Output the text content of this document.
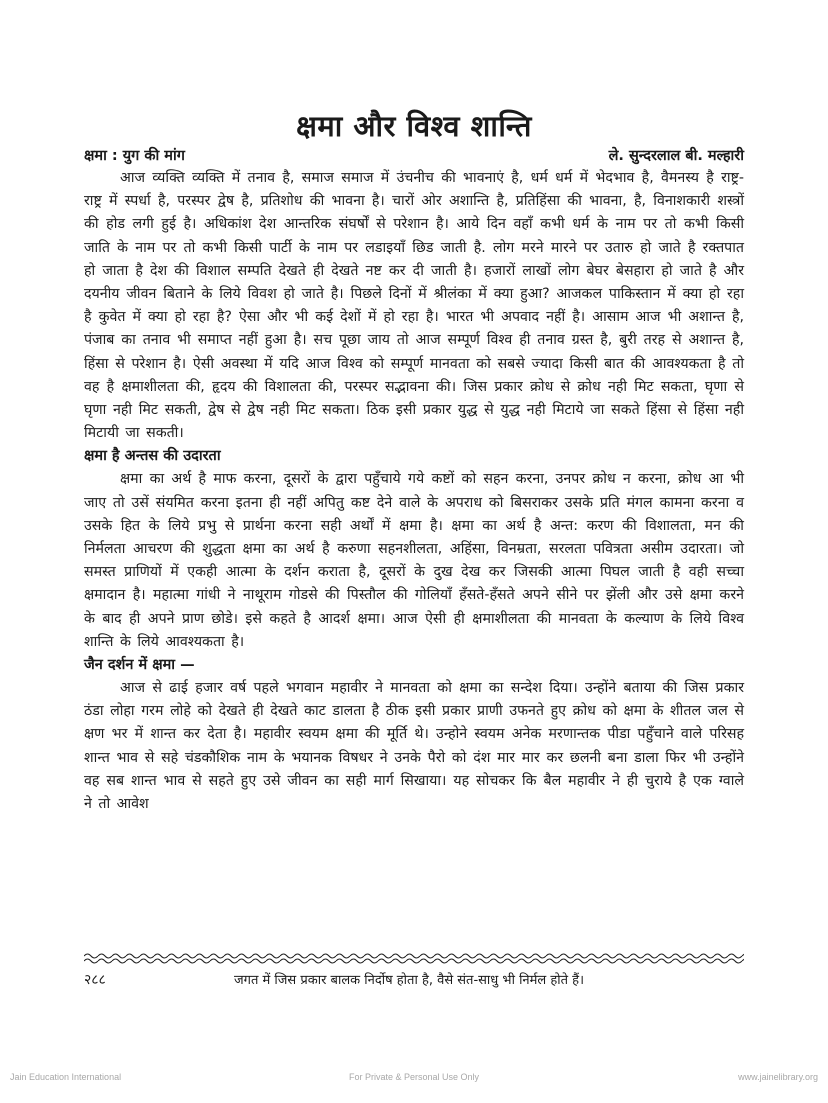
क्षमा और विश्व शान्ति
क्षमा : युग की मांग	ले. सुन्दरलाल बी. मल्हारी

आज व्यक्ति व्यक्ति में तनाव है, समाज समाज में उंचनीच की भावनाएं है, धर्म धर्म में भेदभाव है, वैमनस्य है राष्ट्र-राष्ट्र में स्पर्धा है, परस्पर द्वेष है, प्रतिशोध की भावना है। चारों ओर अशान्ति है, प्रतिहिंसा की भावना, है, विनाशकारी शस्त्रों की होड लगी हुई है। अधिकांश देश आन्तरिक संघर्षों से परेशान है। आये दिन वहाँ कभी धर्म के नाम पर तो कभी किसी जाति के नाम पर तो कभी किसी पार्टी के नाम पर लडाइयाँ छिड जाती है. लोग मरने मारने पर उतारु हो जाते है रक्तपात हो जाता है देश की विशाल सम्पति देखते ही देखते नष्ट कर दी जाती है। हजारों लाखों लोग बेघर बेसहारा हो जाते है और दयनीय जीवन बिताने के लिये विवश हो जाते है। पिछले दिनों में श्रीलंका में क्या हुआ? आजकल पाकिस्तान में क्या हो रहा है कुवेत में क्या हो रहा है? ऐसा और भी कई देशों में हो रहा है। भारत भी अपवाद नहीं है। आसाम आज भी अशान्त है, पंजाब का तनाव भी समाप्त नहीं हुआ है। सच पूछा जाय तो आज सम्पूर्ण विश्व ही तनाव ग्रस्त है, बुरी तरह से अशान्त है, हिंसा से परेशान है। ऐसी अवस्था में यदि आज विश्व को सम्पूर्ण मानवता को सबसे ज्यादा किसी बात की आवश्यकता है तो वह है क्षमाशीलता की, हृदय की विशालता की, परस्पर सद्भावना की। जिस प्रकार क्रोध से क्रोध नही मिट सकता, घृणा से घृणा नही मिट सकती, द्वेष से द्वेष नही मिट सकता। ठिक इसी प्रकार युद्ध से युद्ध नही मिटाये जा सकते हिंसा से हिंसा नही मिटायी जा सकती।

क्षमा है अन्तस की उदारता

क्षमा का अर्थ है माफ करना, दूसरों के द्वारा पहुँचाये गये कष्टों को सहन करना, उनपर क्रोध न करना, क्रोध आ भी जाए तो उसें संयमित करना इतना ही नहीं अपितु कष्ट देने वाले के अपराध को बिसराकर उसके प्रति मंगल कामना करना व उसके हित के लिये प्रभु से प्रार्थना करना सही अर्थों में क्षमा है। क्षमा का अर्थ है अन्त: करण की विशालता, मन की निर्मलता आचरण की शुद्धता क्षमा का अर्थ है करुणा सहनशीलता, अहिंसा, विनम्रता, सरलता पवित्रता असीम उदारता। जो समस्त प्राणियों में एकही आत्मा के दर्शन कराता है, दूसरों के दुख देख कर जिसकी आत्मा पिघल जाती है वही सच्चा क्षमादान है। महात्मा गांधी ने नाथूराम गोडसे की पिस्तौल की गोलियाँ हँसते-हँसते अपने सीने पर झेंली और उसे क्षमा करने के बाद ही अपने प्राण छोडे। इसे कहते है आदर्श क्षमा। आज ऐसी ही क्षमाशीलता की मानवता के कल्याण के लिये विश्व शान्ति के लिये आवश्यकता है।

जैन दर्शन में क्षमा —

आज से ढाई हजार वर्ष पहले भगवान महावीर ने मानवता को क्षमा का सन्देश दिया। उन्होंने बताया की जिस प्रकार ठंडा लोहा गरम लोहे को देखते ही देखते काट डालता है ठीक इसी प्रकार प्राणी उफनते हुए क्रोध को क्षमा के शीतल जल से क्षण भर में शान्त कर देता है। महावीर स्वयम क्षमा की मूर्ति थे। उन्होने स्वयम अनेक मरणान्तक पीडा पहुँचाने वाले परिसह शान्त भाव से सहे चंडकौशिक नाम के भयानक विषधर ने उनके पैरो को दंश मार मार कर छलनी बना डाला फिर भी उन्होंने वह सब शान्त भाव से सहते हुए उसे जीवन का सही मार्ग सिखाया। यह सोचकर कि बैल महावीर ने ही चुराये है एक ग्वाले ने तो आवेश

२८८	जगत में जिस प्रकार बालक निर्दोष होता है, वैसे संत-साधु भी निर्मल होते हैं।
Jain Education International	For Private & Personal Use Only	www.jainelibrary.org
